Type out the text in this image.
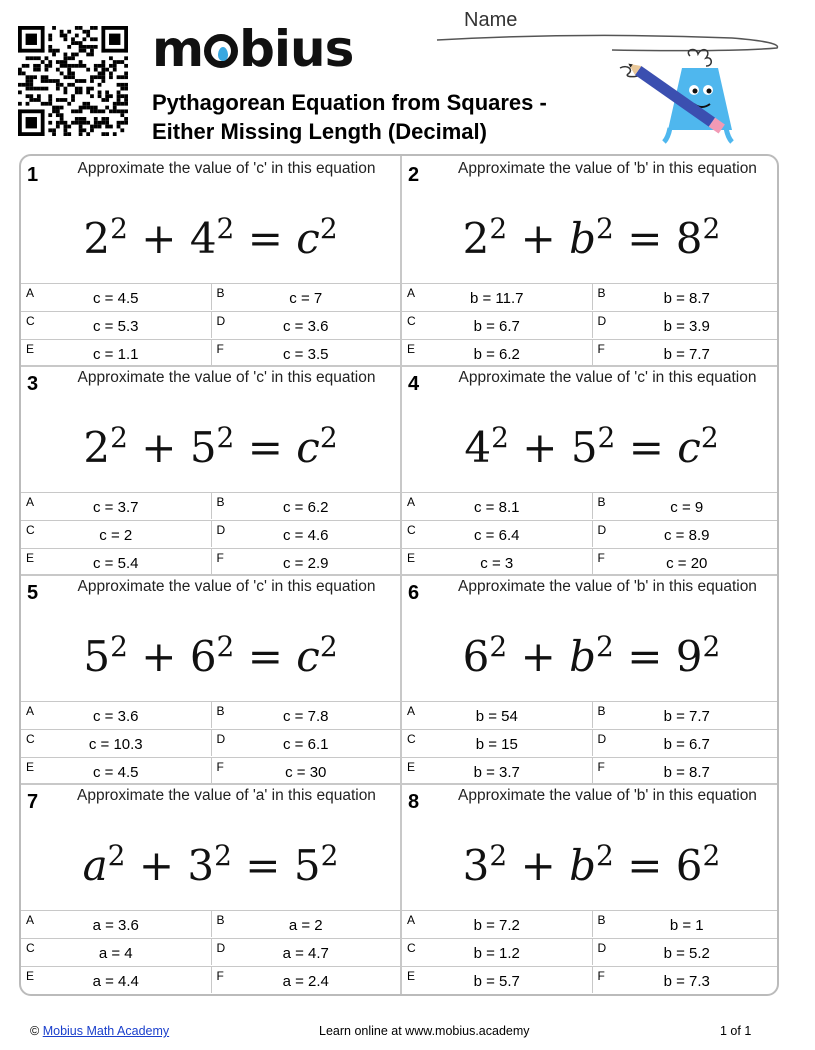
m bius
Pythagorean Equation from Squares -
Either Missing Length (Decimal)
Name
1	Approximate the value of 'c' in this equation
$2^2 + 4^2 = c^2$
A	c = 4.5	B	c = 7
C	c = 5.3	D	c = 3.6
E	c = 1.1	F	c = 3.5
2	Approximate the value of 'b' in this equation
$2^2 + b^2 = 8^2$
A	b = 11.7	B	b = 8.7
C	b = 6.7	D	b = 3.9
E	b = 6.2	F	b = 7.7
3	Approximate the value of 'c' in this equation
$2^2 + 5^2 = c^2$
A	c = 3.7	B	c = 6.2
C	c = 2	D	c = 4.6
E	c = 5.4	F	c = 2.9
4	Approximate the value of 'c' in this equation
$4^2 + 5^2 = c^2$
A	c = 8.1	B	c = 9
C	c = 6.4	D	c = 8.9
E	c = 3	F	c = 20
5	Approximate the value of 'c' in this equation
$5^2 + 6^2 = c^2$
A	c = 3.6	B	c = 7.8
C	c = 10.3	D	c = 6.1
E	c = 4.5	F	c = 30
6	Approximate the value of 'b' in this equation
$6^2 + b^2 = 9^2$
A	b = 54	B	b = 7.7
C	b = 15	D	b = 6.7
E	b = 3.7	F	b = 8.7
7	Approximate the value of 'a' in this equation
$a^2 + 3^2 = 5^2$
A	a = 3.6	B	a = 2
C	a = 4	D	a = 4.7
E	a = 4.4	F	a = 2.4
8	Approximate the value of 'b' in this equation
$3^2 + b^2 = 6^2$
A	b = 7.2	B	b = 1
C	b = 1.2	D	b = 5.2
E	b = 5.7	F	b = 7.3
© Mobius Math Academy	Learn online at www.mobius.academy	1 of 1
